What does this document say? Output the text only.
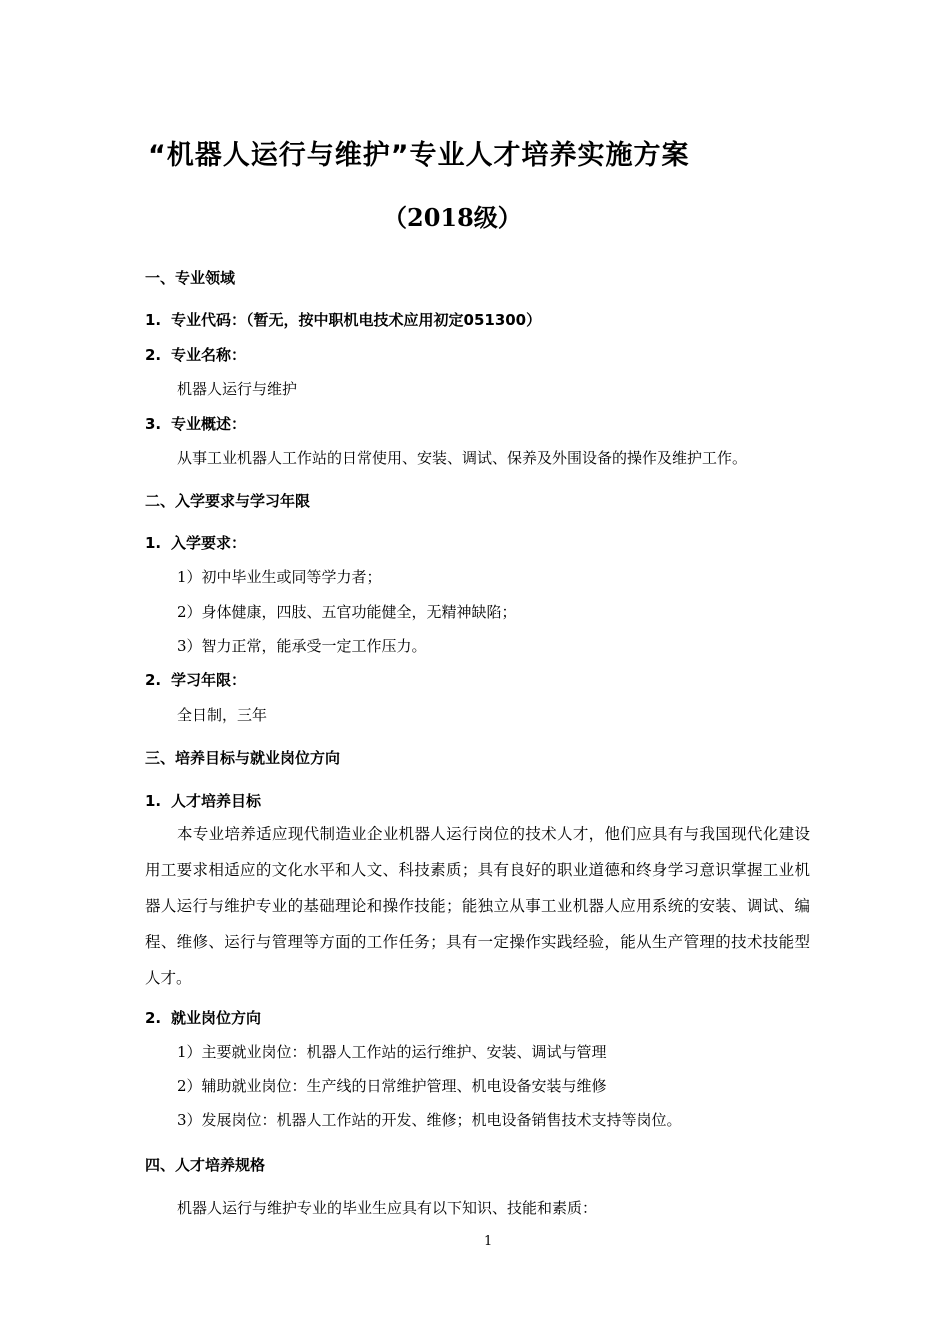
“机器人运行与维护”专业人才培养实施方案
（2018级）
一、专业领域
1. 专业代码：（暂无，按中职机电技术应用初定051300）
2. 专业名称：
机器人运行与维护
3. 专业概述：
从事工业机器人工作站的日常使用、安装、调试、保养及外围设备的操作及维护工作。
二、入学要求与学习年限
1. 入学要求：
1）初中毕业生或同等学力者；
2）身体健康，四肢、五官功能健全，无精神缺陷；
3）智力正常，能承受一定工作压力。
2. 学习年限：
全日制，三年
三、培养目标与就业岗位方向
1. 人才培养目标
本专业培养适应现代制造业企业机器人运行岗位的技术人才，他们应具有与我国现代化建设用工要求相适应的文化水平和人文、科技素质；具有良好的职业道德和终身学习意识掌握工业机器人运行与维护专业的基础理论和操作技能；能独立从事工业机器人应用系统的安装、调试、编程、维修、运行与管理等方面的工作任务；具有一定操作实践经验，能从生产管理的技术技能型人才。
2. 就业岗位方向
1）主要就业岗位：机器人工作站的运行维护、安装、调试与管理
2）辅助就业岗位：生产线的日常维护管理、机电设备安装与维修
3）发展岗位：机器人工作站的开发、维修；机电设备销售技术支持等岗位。
四、人才培养规格
机器人运行与维护专业的毕业生应具有以下知识、技能和素质：
1
